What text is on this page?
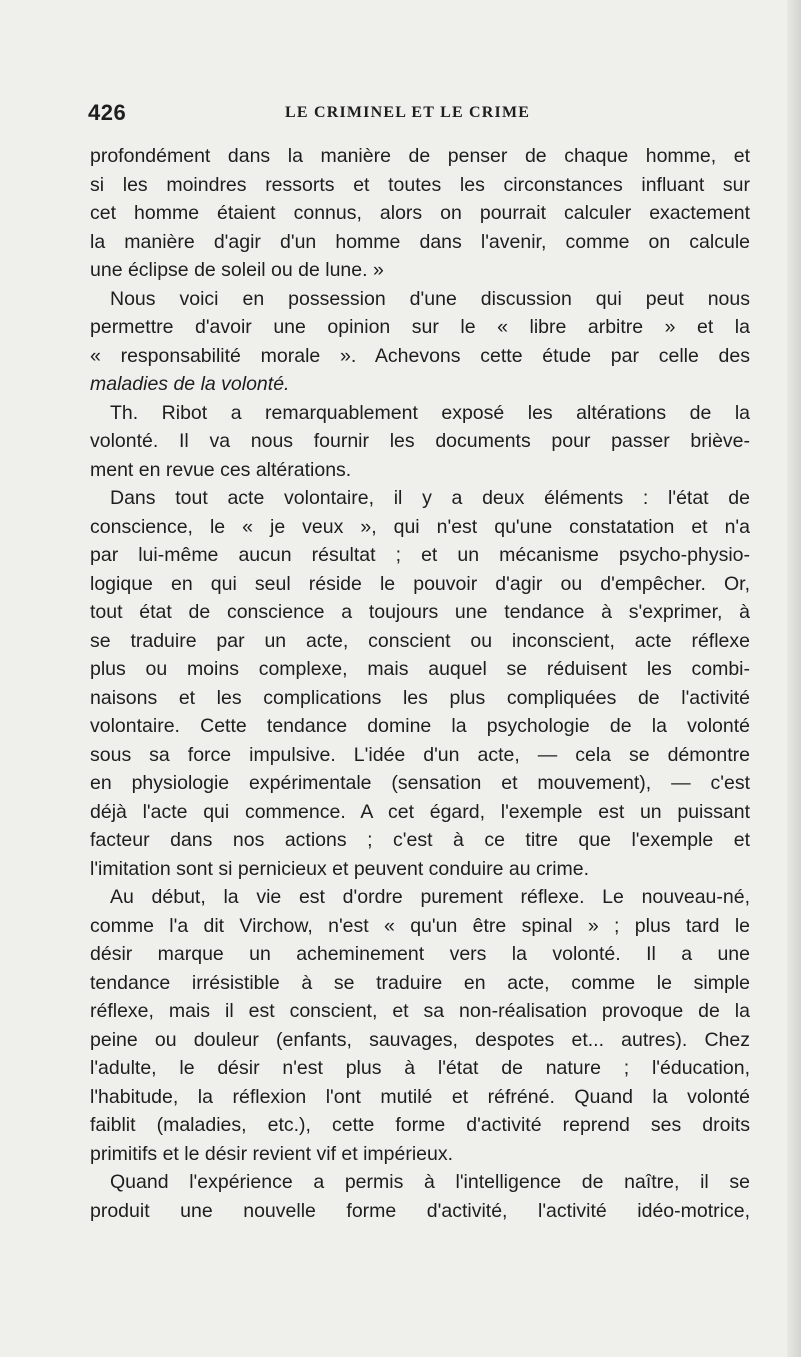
426	LE CRIMINEL ET LE CRIME
profondément dans la manière de penser de chaque homme, et
si les moindres ressorts et toutes les circonstances influant sur
cet homme étaient connus, alors on pourrait calculer exactement
la manière d'agir d'un homme dans l'avenir, comme on calcule
une éclipse de soleil ou de lune. »
Nous voici en possession d'une discussion qui peut nous
permettre d'avoir une opinion sur le « libre arbitre » et la
« responsabilité morale ». Achevons cette étude par celle des
maladies de la volonté.
Th. Ribot a remarquablement exposé les altérations de la
volonté. Il va nous fournir les documents pour passer briève-
ment en revue ces altérations.
Dans tout acte volontaire, il y a deux éléments : l'état de
conscience, le « je veux », qui n'est qu'une constatation et n'a
par lui-même aucun résultat ; et un mécanisme psycho-physio-
logique en qui seul réside le pouvoir d'agir ou d'empêcher. Or,
tout état de conscience a toujours une tendance à s'exprimer, à
se traduire par un acte, conscient ou inconscient, acte réflexe
plus ou moins complexe, mais auquel se réduisent les combi-
naisons et les complications les plus compliquées de l'activité
volontaire. Cette tendance domine la psychologie de la volonté
sous sa force impulsive. L'idée d'un acte, — cela se démontre
en physiologie expérimentale (sensation et mouvement), — c'est
déjà l'acte qui commence. A cet égard, l'exemple est un puissant
facteur dans nos actions ; c'est à ce titre que l'exemple et
l'imitation sont si pernicieux et peuvent conduire au crime.
Au début, la vie est d'ordre purement réflexe. Le nouveau-né,
comme l'a dit Virchow, n'est « qu'un être spinal » ; plus tard le
désir marque un acheminement vers la volonté. Il a une
tendance irrésistible à se traduire en acte, comme le simple
réflexe, mais il est conscient, et sa non-réalisation provoque de la
peine ou douleur (enfants, sauvages, despotes et... autres). Chez
l'adulte, le désir n'est plus à l'état de nature ; l'éducation,
l'habitude, la réflexion l'ont mutilé et réfréné. Quand la volonté
faiblit (maladies, etc.), cette forme d'activité reprend ses droits
primitifs et le désir revient vif et impérieux.
Quand l'expérience a permis à l'intelligence de naître, il se
produit une nouvelle forme d'activité, l'activité idéo-motrice,
